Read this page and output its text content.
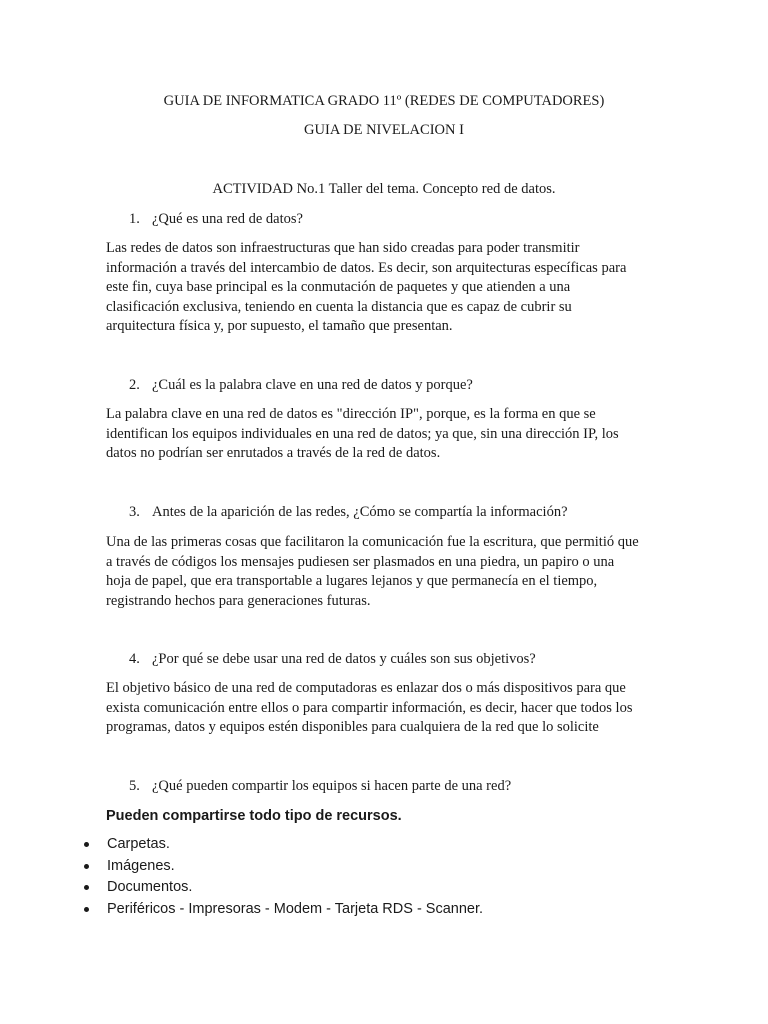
GUIA DE INFORMATICA GRADO 11º (REDES DE COMPUTADORES)
GUIA DE NIVELACION I
ACTIVIDAD No.1 Taller del tema. Concepto red de datos.
1. ¿Qué es una red de datos?
Las redes de datos son infraestructuras que han sido creadas para poder transmitir
información a través del intercambio de datos. Es decir, son arquitecturas específicas para
este fin, cuya base principal es la conmutación de paquetes y que atienden a una
clasificación exclusiva, teniendo en cuenta la distancia que es capaz de cubrir su
arquitectura física y, por supuesto, el tamaño que presentan.
2. ¿Cuál es la palabra clave en una red de datos y porque?
La palabra clave en una red de datos es "dirección IP", porque, es la forma en que se
identifican los equipos individuales en una red de datos; ya que, sin una dirección IP, los
datos no podrían ser enrutados a través de la red de datos.
3. Antes de la aparición de las redes, ¿Cómo se compartía la información?
Una de las primeras cosas que facilitaron la comunicación fue la escritura, que permitió que
a través de códigos los mensajes pudiesen ser plasmados en una piedra, un papiro o una
hoja de papel, que era transportable a lugares lejanos y que permanecía en el tiempo,
registrando hechos para generaciones futuras.
4. ¿Por qué se debe usar una red de datos y cuáles son sus objetivos?
El objetivo básico de una red de computadoras es enlazar dos o más dispositivos para que
exista comunicación entre ellos o para compartir información, es decir, hacer que todos los
programas, datos y equipos estén disponibles para cualquiera de la red que lo solicite
5. ¿Qué pueden compartir los equipos si hacen parte de una red?
Pueden compartirse todo tipo de recursos.
Carpetas.
Imágenes.
Documentos.
Periféricos - Impresoras - Modem - Tarjeta RDS - Scanner.
